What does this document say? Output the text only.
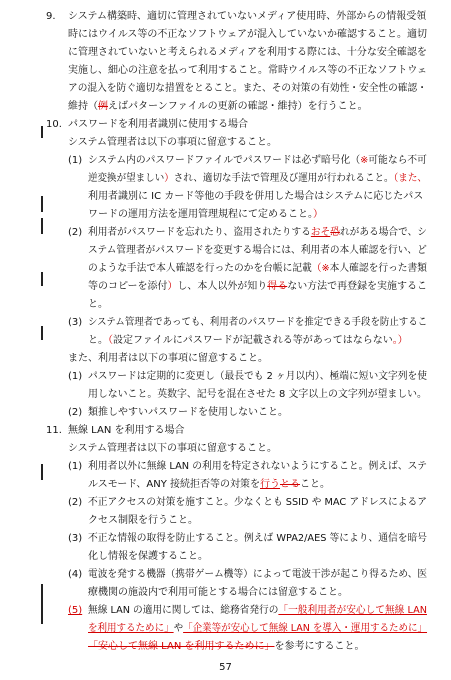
9. システム構築時、適切に管理されていないメディア使用時、外部からの情報受領
時にはウイルス等の不正なソフトウェアが混入していないか確認すること。適切
に管理されていないと考えられるメディアを利用する際には、十分な安全確認を
実施し、細心の注意を払って利用すること。常時ウイルス等の不正なソフトウェ
アの混入を防ぐ適切な措置をとること。また、その対策の有効性・安全性の確認・
維持（例えばパターンファイルの更新の確認・維持）を行うこと。
10. パスワードを利用者識別に使用する場合
システム管理者は以下の事項に留意すること。
(1) システム内のパスワードファイルでパスワードは必ず暗号化（※可能なら不可
逆変換が望ましい）され、適切な手法で管理及び運用が行われること。（また、
利用者識別に IC カード等他の手段を併用した場合はシステムに応じたパス
ワードの運用方法を運用管理規程にて定めること。）
(2) 利用者がパスワードを忘れたり、盗用されたりするおそ恐れがある場合で、シ
ステム管理者がパスワードを変更する場合には、利用者の本人確認を行い、ど
のような手法で本人確認を行ったのかを台帳に記載（※本人確認を行った書類
等のコピーを添付）し、本人以外が知り得るない方法で再登録を実施するこ
と。
(3) システム管理者であっても、利用者のパスワードを推定できる手段を防止するこ
と。（設定ファイルにパスワードが記載される等があってはならない。）
また、利用者は以下の事項に留意すること。
(1) パスワードは定期的に変更し（最長でも 2 ヶ月以内）、極端に短い文字列を使
用しないこと。英数字、記号を混在させた 8 文字以上の文字列が望ましい。
(2) 類推しやすいパスワードを使用しないこと。
11. 無線 LAN を利用する場合
システム管理者は以下の事項に留意すること。
(1) 利用者以外に無線 LAN の利用を特定されないようにすること。例えば、ステ
ルスモード、ANY 接続拒否等の対策を行うとること。
(2) 不正アクセスの対策を施すこと。少なくとも SSID や MAC アドレスによるア
クセス制限を行うこと。
(3) 不正な情報の取得を防止すること。例えば WPA2/AES 等により、通信を暗号
化し情報を保護すること。
(4) 電波を発する機器（携帯ゲーム機等）によって電波干渉が起こり得るため、医
療機関の施設内で利用可能とする場合には留意すること。
(5) 無線 LAN の適用に関しては、総務省発行の「一般利用者が安心して無線 LAN
を利用するために」や「企業等が安心して無線 LAN を導入・運用するために」
「安心して無線 LAN を利用するために」を参考にすること。
57
